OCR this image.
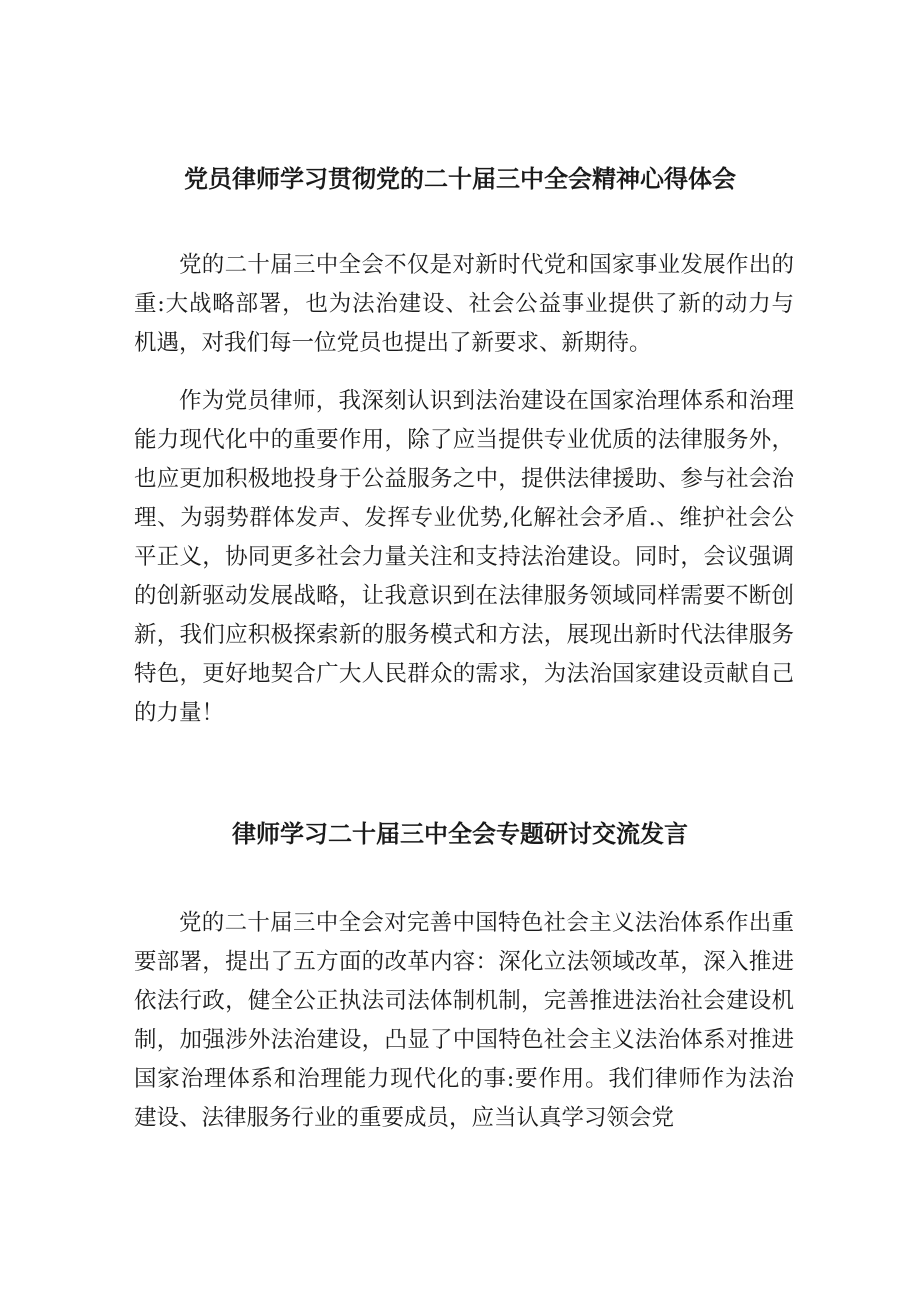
党员律师学习贯彻党的二十届三中全会精神心得体会

党的二十届三中全会不仅是对新时代党和国家事业发展作出的重:大战略部署，也为法治建设、社会公益事业提供了新的动力与机遇，对我们每一位党员也提出了新要求、新期待。

作为党员律师，我深刻认识到法治建设在国家治理体系和治理能力现代化中的重要作用，除了应当提供专业优质的法律服务外，也应更加积极地投身于公益服务之中，提供法律援助、参与社会治理、为弱势群体发声、发挥专业优势,化解社会矛盾.、维护社会公平正义，协同更多社会力量关注和支持法治建设。同时，会议强调的创新驱动发展战略，让我意识到在法律服务领域同样需要不断创新，我们应积极探索新的服务模式和方法，展现出新时代法律服务特色，更好地契合广大人民群众的需求，为法治国家建设贡献自己的力量！

律师学习二十届三中全会专题研讨交流发言

党的二十届三中全会对完善中国特色社会主义法治体系作出重要部署，提出了五方面的改革内容：深化立法领域改革，深入推进依法行政，健全公正执法司法体制机制，完善推进法治社会建设机制，加强涉外法治建设，凸显了中国特色社会主义法治体系对推进国家治理体系和治理能力现代化的事:要作用。我们律师作为法治建设、法律服务行业的重要成员，应当认真学习领会党
